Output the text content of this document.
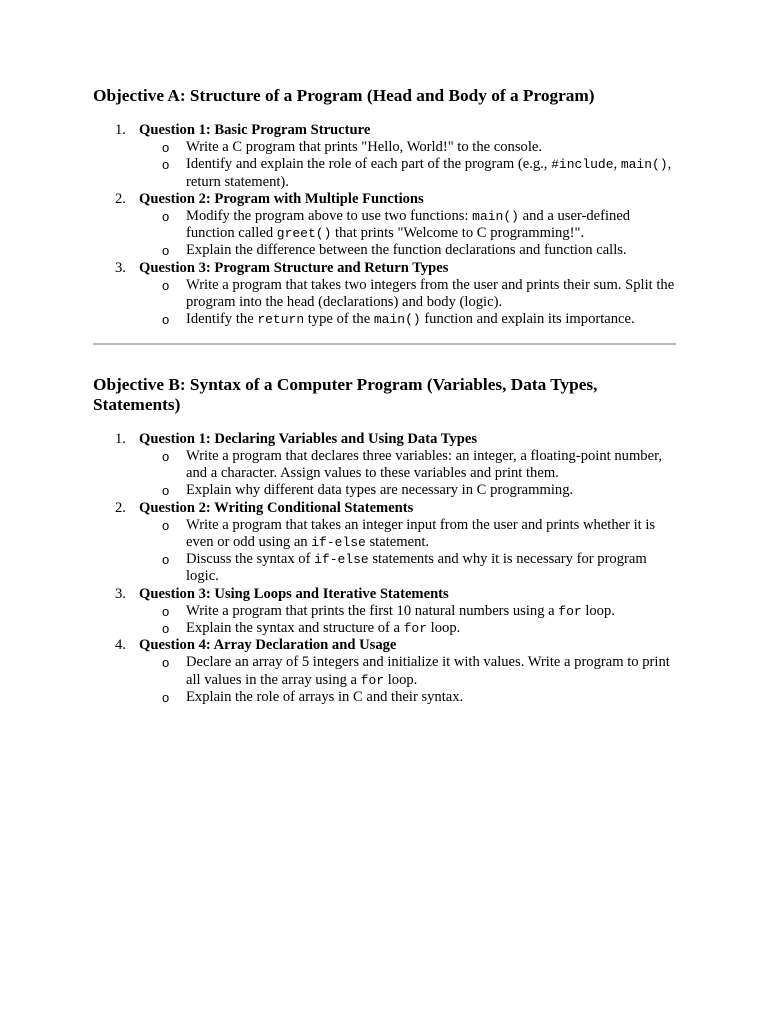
Objective A: Structure of a Program (Head and Body of a Program)
1. Question 1: Basic Program Structure
o Write a C program that prints "Hello, World!" to the console.
o Identify and explain the role of each part of the program (e.g., #include, main(), return statement).
2. Question 2: Program with Multiple Functions
o Modify the program above to use two functions: main() and a user-defined function called greet() that prints "Welcome to C programming!".
o Explain the difference between the function declarations and function calls.
3. Question 3: Program Structure and Return Types
o Write a program that takes two integers from the user and prints their sum. Split the program into the head (declarations) and body (logic).
o Identify the return type of the main() function and explain its importance.
Objective B: Syntax of a Computer Program (Variables, Data Types, Statements)
1. Question 1: Declaring Variables and Using Data Types
o Write a program that declares three variables: an integer, a floating-point number, and a character. Assign values to these variables and print them.
o Explain why different data types are necessary in C programming.
2. Question 2: Writing Conditional Statements
o Write a program that takes an integer input from the user and prints whether it is even or odd using an if-else statement.
o Discuss the syntax of if-else statements and why it is necessary for program logic.
3. Question 3: Using Loops and Iterative Statements
o Write a program that prints the first 10 natural numbers using a for loop.
o Explain the syntax and structure of a for loop.
4. Question 4: Array Declaration and Usage
o Declare an array of 5 integers and initialize it with values. Write a program to print all values in the array using a for loop.
o Explain the role of arrays in C and their syntax.
